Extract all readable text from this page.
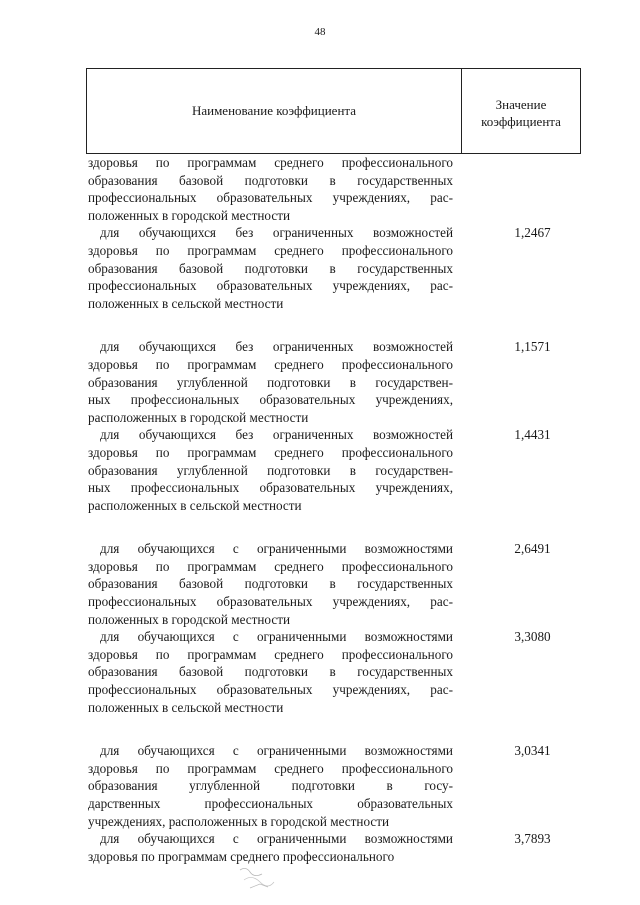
48
Наименование коэффициента	Значение
коэффициента
здоровья по программам среднего профессионального
образования базовой подготовки в государственных
профессиональных образовательных учреждениях, рас-
положенных в городской местности
для обучающихся без ограниченных возможностей
здоровья по программам среднего профессионального
образования базовой подготовки в государственных
профессиональных образовательных учреждениях, рас-
положенных в сельской местности
1,2467
для обучающихся без ограниченных возможностей
здоровья по программам среднего профессионального
образования углубленной подготовки в государствен-
ных профессиональных образовательных учреждениях,
расположенных в городской местности
1,1571
для обучающихся без ограниченных возможностей
здоровья по программам среднего профессионального
образования углубленной подготовки в государствен-
ных профессиональных образовательных учреждениях,
расположенных в сельской местности
1,4431
для обучающихся с ограниченными возможностями
здоровья по программам среднего профессионального
образования базовой подготовки в государственных
профессиональных образовательных учреждениях, рас-
положенных в городской местности
2,6491
для обучающихся с ограниченными возможностями
здоровья по программам среднего профессионального
образования базовой подготовки в государственных
профессиональных образовательных учреждениях, рас-
положенных в сельской местности
3,3080
для обучающихся с ограниченными возможностями
здоровья по программам среднего профессионального
образования углубленной подготовки в госу-
дарственных профессиональных образовательных
учреждениях, расположенных в городской местности
3,0341
для обучающихся с ограниченными возможностями
здоровья по программам среднего профессионального
3,7893
